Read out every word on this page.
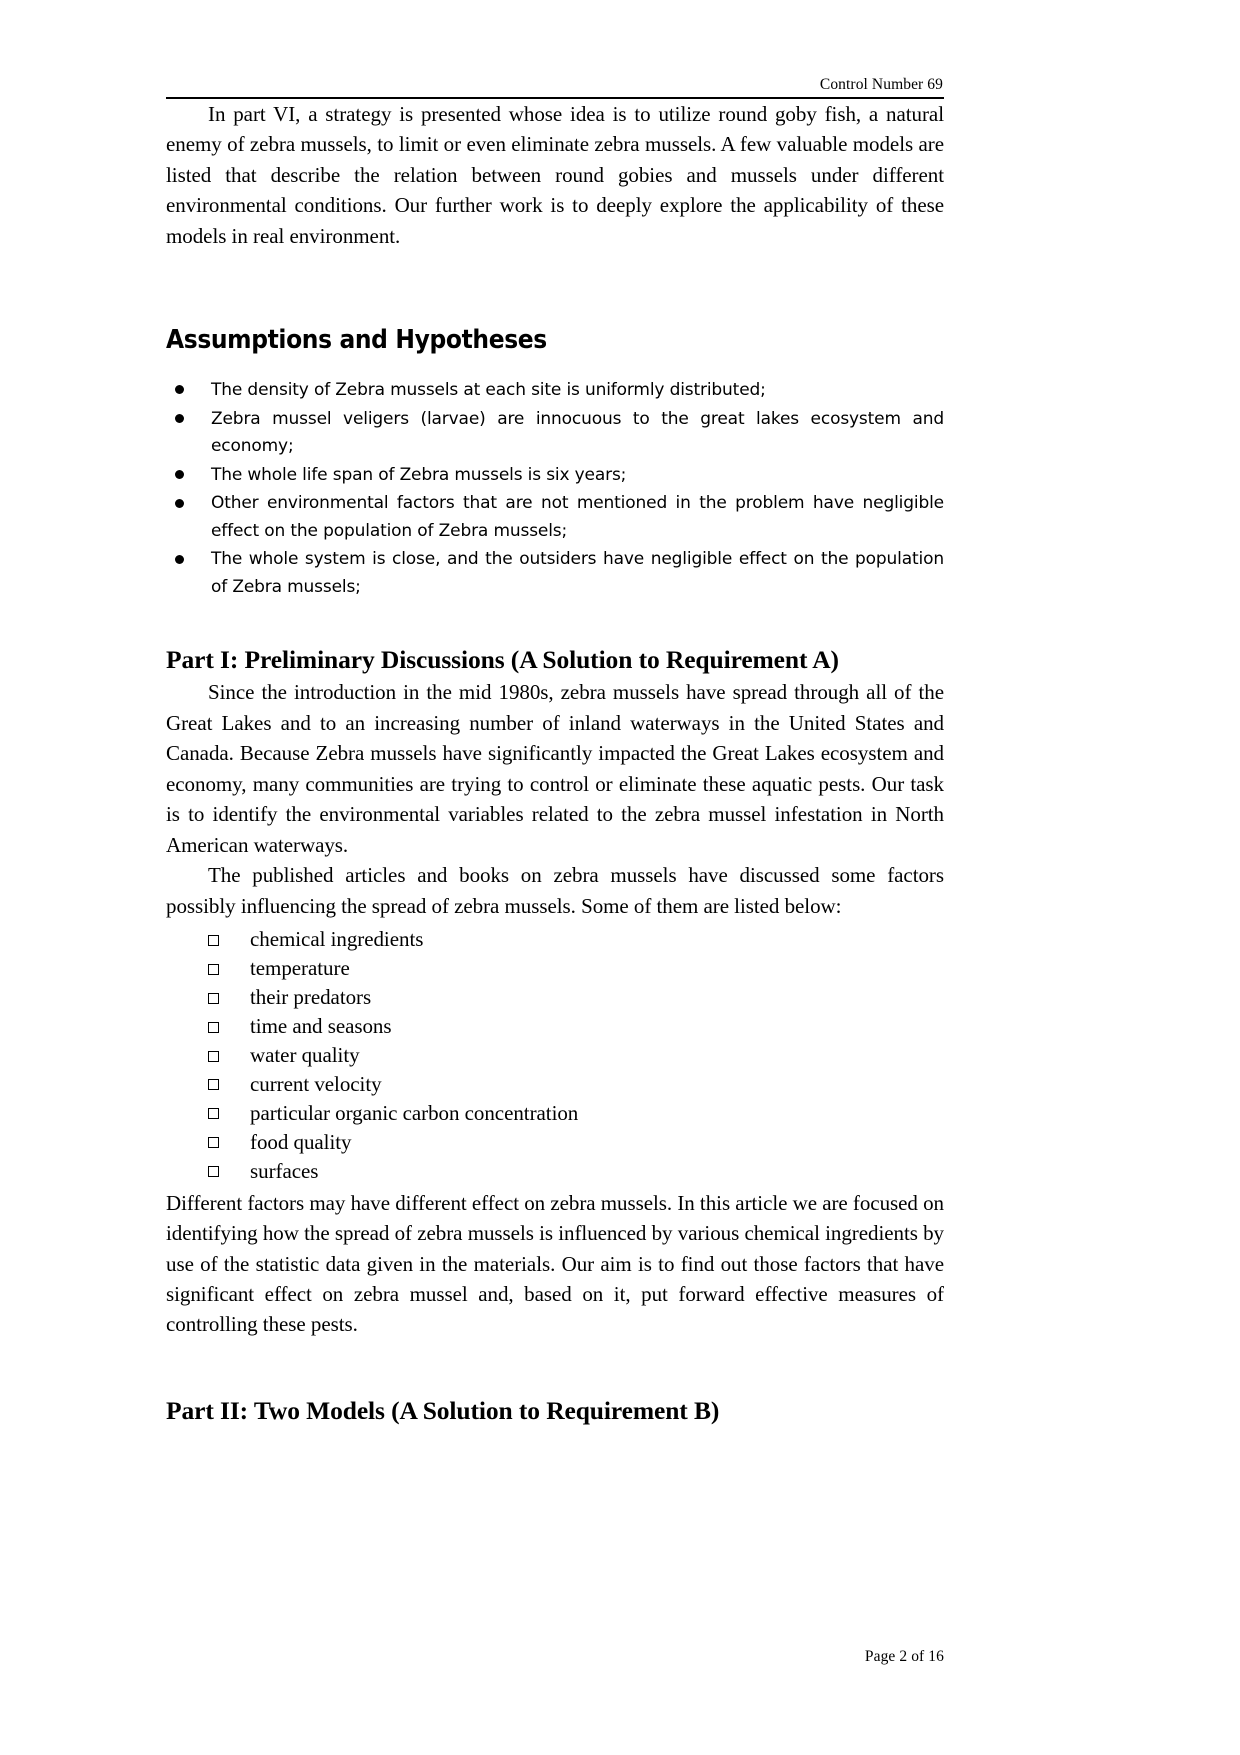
Control Number 69

In part VI, a strategy is presented whose idea is to utilize round goby fish, a natural enemy of zebra mussels, to limit or even eliminate zebra mussels. A few valuable models are listed that describe the relation between round gobies and mussels under different environmental conditions. Our further work is to deeply explore the applicability of these models in real environment.

Assumptions and Hypotheses
The density of Zebra mussels at each site is uniformly distributed;
Zebra mussel veligers (larvae) are innocuous to the great lakes ecosystem and economy;
The whole life span of Zebra mussels is six years;
Other environmental factors that are not mentioned in the problem have negligible effect on the population of Zebra mussels;
The whole system is close, and the outsiders have negligible effect on the population of Zebra mussels;
Part I: Preliminary Discussions (A Solution to Requirement A)

Since the introduction in the mid 1980s, zebra mussels have spread through all of the Great Lakes and to an increasing number of inland waterways in the United States and Canada. Because Zebra mussels have significantly impacted the Great Lakes ecosystem and economy, many communities are trying to control or eliminate these aquatic pests. Our task is to identify the environmental variables related to the zebra mussel infestation in North American waterways.

The published articles and books on zebra mussels have discussed some factors possibly influencing the spread of zebra mussels. Some of them are listed below:

chemical ingredients
temperature
their predators
time and seasons
water quality
current velocity
particular organic carbon concentration
food quality
surfaces

Different factors may have different effect on zebra mussels. In this article we are focused on identifying how the spread of zebra mussels is influenced by various chemical ingredients by use of the statistic data given in the materials. Our aim is to find out those factors that have significant effect on zebra mussel and, based on it, put forward effective measures of controlling these pests.

Part II: Two Models (A Solution to Requirement B)
Page 2 of 16
